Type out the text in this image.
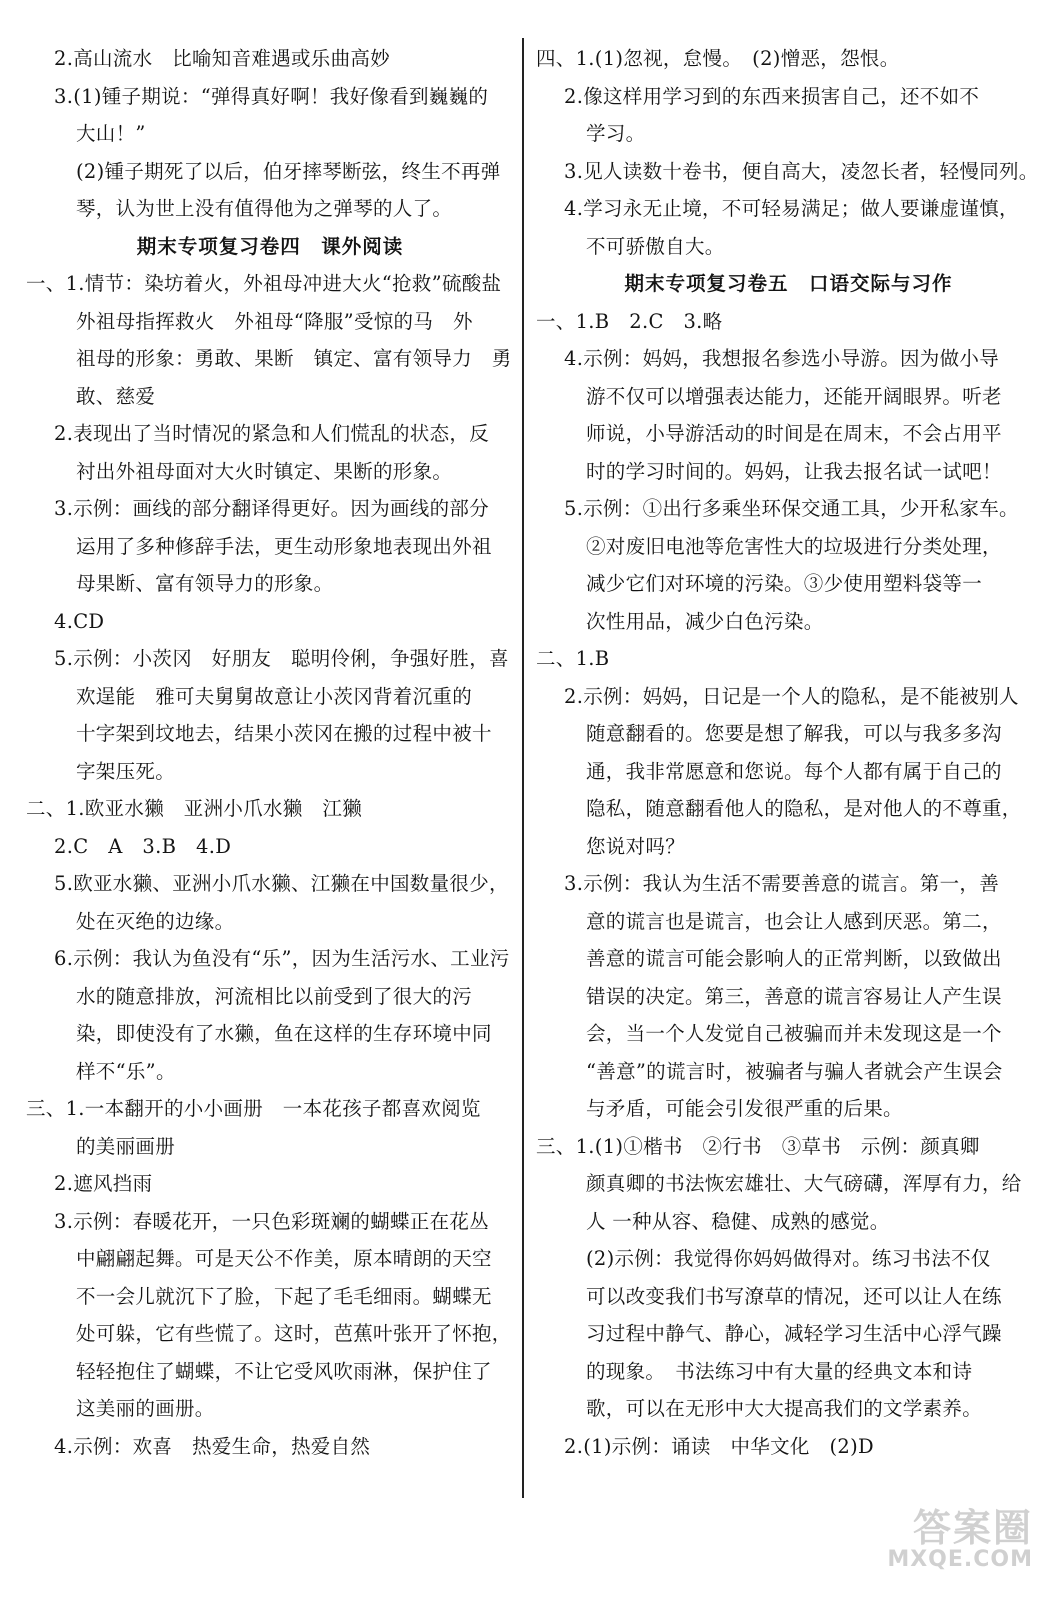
2.高山流水　比喻知音难遇或乐曲高妙
3.(1)锺子期说：“弹得真好啊！我好像看到巍巍的
大山！”
(2)锺子期死了以后，伯牙摔琴断弦，终生不再弹
琴，认为世上没有值得他为之弹琴的人了。
期末专项复习卷四　课外阅读
一、1.情节：染坊着火，外祖母冲进大火“抢救”硫酸盐
外祖母指挥救火　外祖母“降服”受惊的马　外
祖母的形象：勇敢、果断　镇定、富有领导力　勇
敢、慈爱
2.表现出了当时情况的紧急和人们慌乱的状态，反
衬出外祖母面对大火时镇定、果断的形象。
3.示例：画线的部分翻译得更好。因为画线的部分
运用了多种修辞手法，更生动形象地表现出外祖
母果断、富有领导力的形象。
4.CD
5.示例：小茨冈　好朋友　聪明伶俐，争强好胜，喜
欢逞能　雅可夫舅舅故意让小茨冈背着沉重的
十字架到坟地去，结果小茨冈在搬的过程中被十
字架压死。
二、1.欧亚水獭　亚洲小爪水獭　江獭
2.C　A　3.B　4.D
5.欧亚水獭、亚洲小爪水獭、江獭在中国数量很少，
处在灭绝的边缘。
6.示例：我认为鱼没有“乐”，因为生活污水、工业污
水的随意排放，河流相比以前受到了很大的污
染，即使没有了水獭，鱼在这样的生存环境中同
样不“乐”。
三、1.一本翻开的小小画册　一本花孩子都喜欢阅览
的美丽画册
2.遮风挡雨
3.示例：春暖花开，一只色彩斑斓的蝴蝶正在花丛
中翩翩起舞。可是天公不作美，原本晴朗的天空
不一会儿就沉下了脸，下起了毛毛细雨。蝴蝶无
处可躲，它有些慌了。这时，芭蕉叶张开了怀抱，
轻轻抱住了蝴蝶，不让它受风吹雨淋，保护住了
这美丽的画册。
4.示例：欢喜　热爱生命，热爱自然
四、1.(1)忽视，怠慢。　(2)憎恶，怨恨。
2.像这样用学习到的东西来损害自己，还不如不
学习。
3.见人读数十卷书，便自高大，凌忽长者，轻慢同列。
4.学习永无止境，不可轻易满足；做人要谦虚谨慎，
不可骄傲自大。
期末专项复习卷五　口语交际与习作
一、1.B　2.C　3.略
4.示例：妈妈，我想报名参选小导游。因为做小导
游不仅可以增强表达能力，还能开阔眼界。听老
师说，小导游活动的时间是在周末，不会占用平
时的学习时间的。妈妈，让我去报名试一试吧！
5.示例：①出行多乘坐环保交通工具，少开私家车。
②对废旧电池等危害性大的垃圾进行分类处理，
减少它们对环境的污染。③少使用塑料袋等一
次性用品，减少白色污染。
二、1.B
2.示例：妈妈，日记是一个人的隐私，是不能被别人
随意翻看的。您要是想了解我，可以与我多多沟
通，我非常愿意和您说。每个人都有属于自己的
隐私，随意翻看他人的隐私，是对他人的不尊重，
您说对吗？
3.示例：我认为生活不需要善意的谎言。第一，善
意的谎言也是谎言，也会让人感到厌恶。第二，
善意的谎言可能会影响人的正常判断，以致做出
错误的决定。第三，善意的谎言容易让人产生误
会，当一个人发觉自己被骗而并未发现这是一个
“善意”的谎言时，被骗者与骗人者就会产生误会
与矛盾，可能会引发很严重的后果。
三、1.(1)①楷书　②行书　③草书　示例：颜真卿
颜真卿的书法恢宏雄壮、大气磅礴，浑厚有力，给
人 一种从容、稳健、成熟的感觉。
(2)示例：我觉得你妈妈做得对。练习书法不仅
可以改变我们书写潦草的情况，还可以让人在练
习过程中静气、静心，减轻学习生活中心浮气躁
的现象。　书法练习中有大量的经典文本和诗
歌，可以在无形中大大提高我们的文学素养。
2.(1)示例：诵读　中华文化　(2)D
答案圈
MXQE.COM
